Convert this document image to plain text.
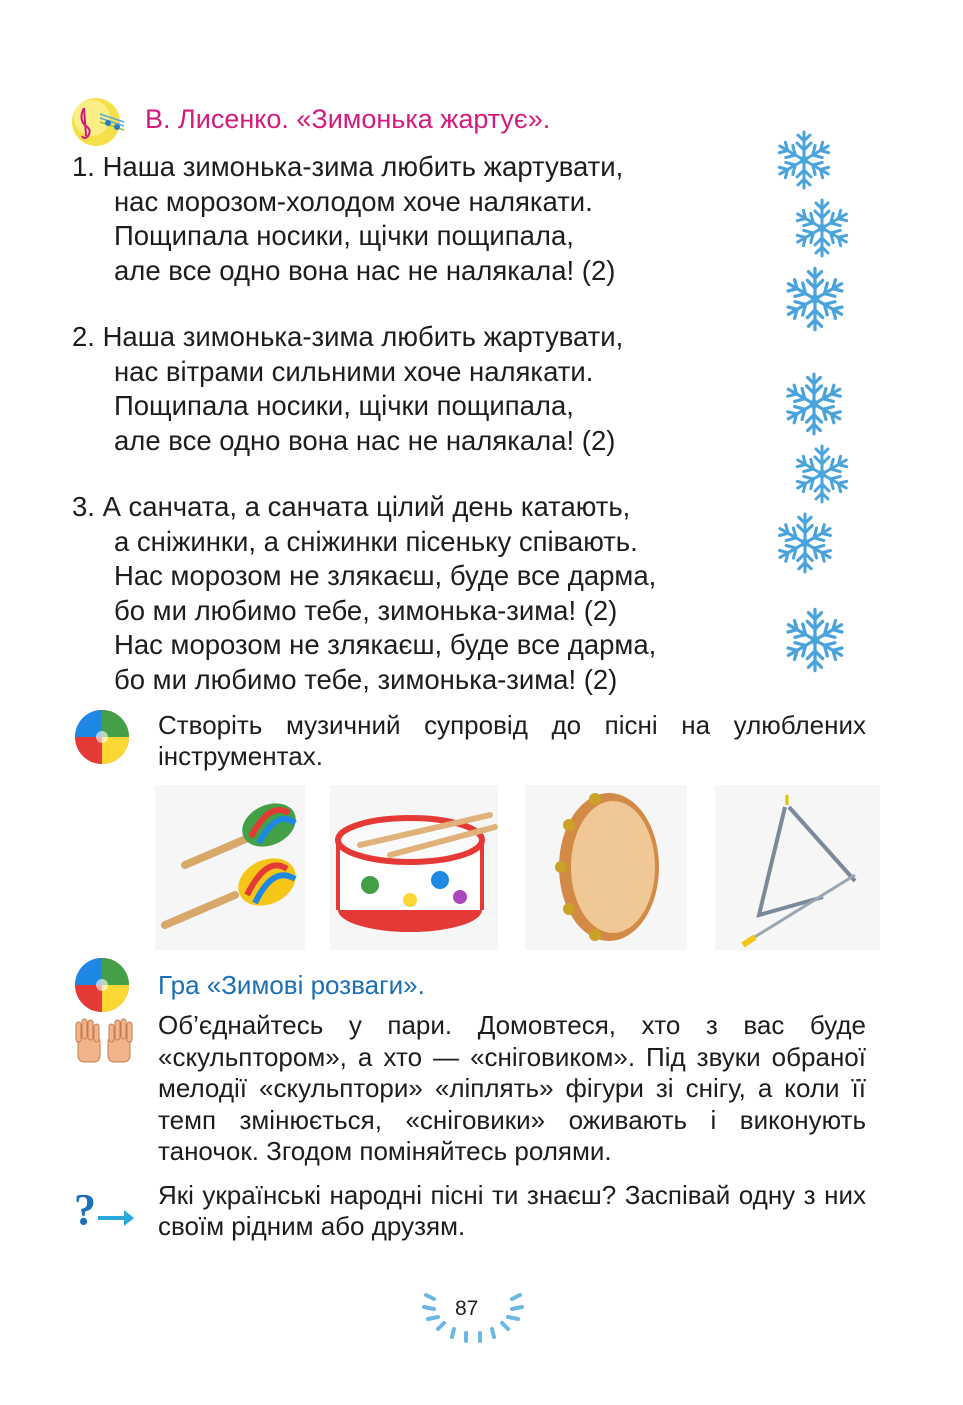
В. Лисенко. «Зимонька жартує».
1. Наша зимонька-зима любить жартувати,
нас морозом-холодом хоче налякати.
Пощипала носики, щічки пощипала,
але все одно вона нас не налякала! (2)
2. Наша зимонька-зима любить жартувати,
нас вітрами сильними хоче налякати.
Пощипала носики, щічки пощипала,
але все одно вона нас не налякала! (2)
3. А санчата, а санчата цілий день катають,
а сніжинки, а сніжинки пісеньку співають.
Нас морозом не злякаєш, буде все дарма,
бо ми любимо тебе, зимонька-зима! (2)
Нас морозом не злякаєш, буде все дарма,
бо ми любимо тебе, зимонька-зима! (2)
Створіть музичний супровід до пісні на улюблених інструментах.
Гра «Зимові розваги».
Об’єднайтесь у пари. Домовтеся, хто з вас буде «скульптором», а хто — «сніговиком». Під звуки обраної мелодії «скульптори» «ліплять» фігури зі снігу, а коли її темп змінюється, «сніговики» оживають і виконують таночок. Згодом поміняйтесь ролями.
? Які українські народні пісні ти знаєш? Заспівай одну з них своїм рідним або друзям.
87
